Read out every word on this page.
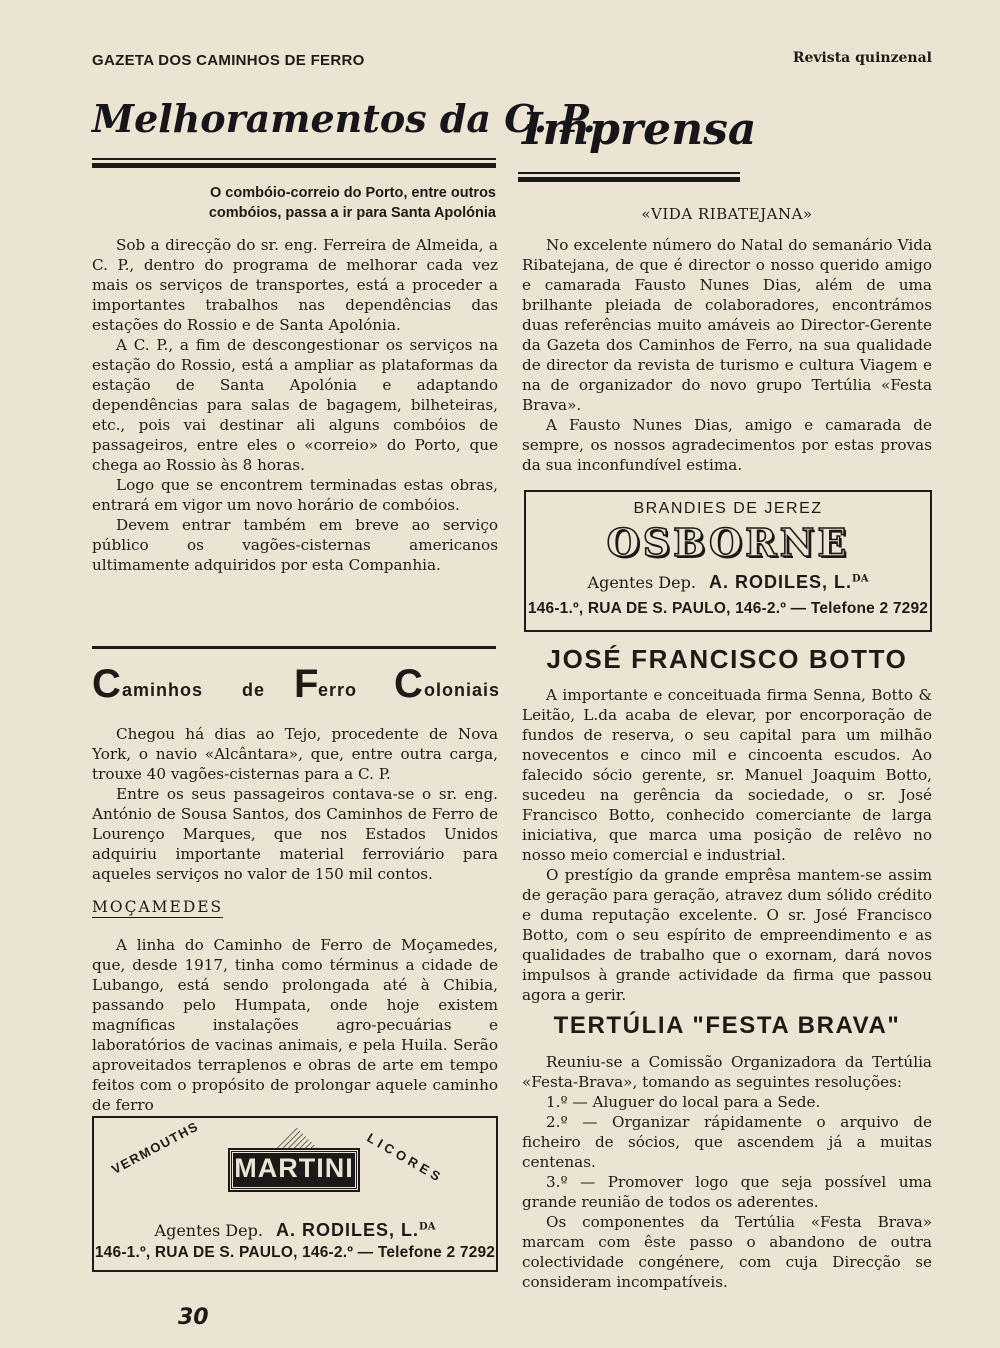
GAZETA DOS CAMINHOS DE FERRO	Revista quinzenal
Melhoramentos da C. P.
O combóio-correio do Porto, entre outros
combóios, passa a ir para Santa Apolónia

Sob a direcção do sr. eng. Ferreira de Almeida, a C. P., dentro do programa de melhorar cada vez mais os serviços de transportes, está a proceder a importantes trabalhos nas dependências das estações do Rossio e de Santa Apolónia.

A C. P., a fim de descongestionar os serviços na estação do Rossio, está a ampliar as plataformas da estação de Santa Apolónia e adaptando dependências para salas de bagagem, bilheteiras, etc., pois vai destinar ali alguns combóios de passageiros, entre eles o «correio» do Porto, que chega ao Rossio às 8 horas.

Logo que se encontrem terminadas estas obras, entrará em vigor um novo horário de combóios.

Devem entrar também em breve ao serviço público os vagões-cisternas americanos ultimamente adquiridos por esta Companhia.

C aminhos de F erro C oloniais

Chegou há dias ao Tejo, procedente de Nova York, o navio «Alcântara», que, entre outra carga, trouxe 40 vagões-cisternas para a C. P.

Entre os seus passageiros contava-se o sr. eng. António de Sousa Santos, dos Caminhos de Ferro de Lourenço Marques, que nos Estados Unidos adquiriu importante material ferroviário para aqueles serviços no valor de 150 mil contos.

MOÇAMEDES

A linha do Caminho de Ferro de Moçamedes, que, desde 1917, tinha como términus a cidade de Lubango, está sendo prolongada até à Chibia, passando pelo Humpata, onde hoje existem magníficas instalações agro-pecuárias e laboratórios de vacinas animais, e pela Huila. Serão aproveitados terraplenos e obras de arte em tempo feitos com o propósito de prolongar aquele caminho de ferro

MARTINI
VERMOUTHS	LICORES
Agentes Dep. A. RODILES, L.$^{DA}$
146-1.º, RUA DE S. PAULO, 146-2.º — Telefone 2 7292
Imprensa
«VIDA RIBATEJANA»

No excelente número do Natal do semanário Vida Ribatejana, de que é director o nosso querido amigo e camarada Fausto Nunes Dias, além de uma brilhante pleiada de colaboradores, encontrámos duas referências muito amáveis ao Director-Gerente da Gazeta dos Caminhos de Ferro, na sua qualidade de director da revista de turismo e cultura Viagem e na de organizador do novo grupo Tertúlia «Festa Brava».

A Fausto Nunes Dias, amigo e camarada de sempre, os nossos agradecimentos por estas provas da sua inconfundível estima.

BRANDIES DE JEREZ
OSBORNE
Agentes Dep. A. RODILES, L.$^{DA}$
146-1.º, RUA DE S. PAULO, 146-2.º — Telefone 2 7292
JOSÉ FRANCISCO BOTTO

A importante e conceituada firma Senna, Botto & Leitão, L.da acaba de elevar, por encorporação de fundos de reserva, o seu capital para um milhão novecentos e cinco mil e cincoenta escudos. Ao falecido sócio gerente, sr. Manuel Joaquim Botto, sucedeu na gerência da sociedade, o sr. José Francisco Botto, conhecido comerciante de larga iniciativa, que marca uma posição de relêvo no nosso meio comercial e industrial.

O prestígio da grande emprêsa mantem-se assim de geração para geração, atravez dum sólido crédito e duma reputação excelente. O sr. José Francisco Botto, com o seu espírito de empreendimento e as qualidades de trabalho que o exornam, dará novos impulsos à grande actividade da firma que passou agora a gerir.

TERTÚLIA "FESTA BRAVA"

Reuniu-se a Comissão Organizadora da Tertúlia «Festa-Brava», tomando as seguintes resoluções:

1.º — Aluguer do local para a Sede.

2.º — Organizar rápidamente o arquivo de ficheiro de sócios, que ascendem já a muitas centenas.

3.º — Promover logo que seja possível uma grande reunião de todos os aderentes.

Os componentes da Tertúlia «Festa Brava» marcam com êste passo o abandono de outra colectividade congénere, com cuja Direcção se consideram incompatíveis.

30
